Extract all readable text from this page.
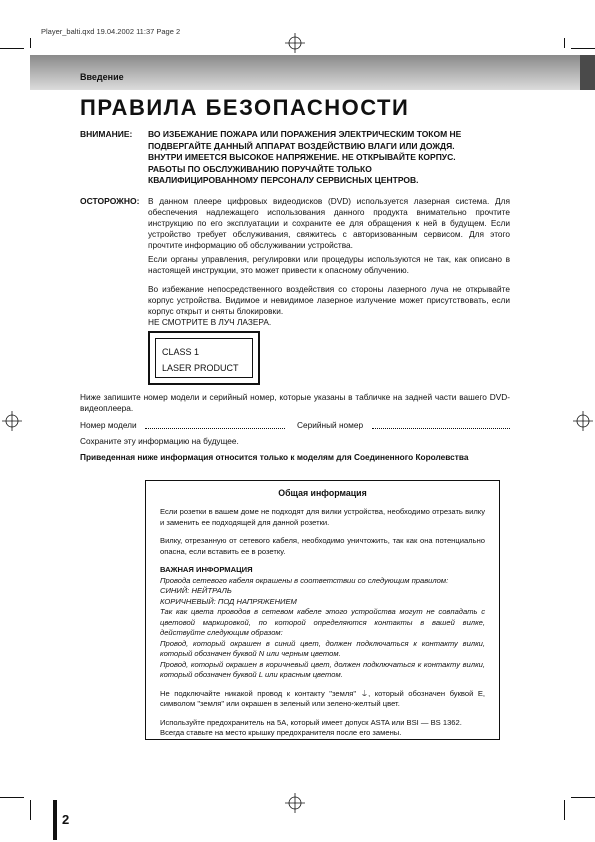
Player_balti.qxd 19.04.2002 11:37 Page 2
Введение
ПРАВИЛА БЕЗОПАСНОСТИ
ВНИМАНИЕ: ВО ИЗБЕЖАНИЕ ПОЖАРА ИЛИ ПОРАЖЕНИЯ ЭЛЕКТРИЧЕСКИМ ТОКОМ НЕ
ПОДВЕРГАЙТЕ ДАННЫЙ АППАРАТ ВОЗДЕЙСТВИЮ ВЛАГИ ИЛИ ДОЖДЯ.
ВНУТРИ ИМЕЕТСЯ ВЫСОКОЕ НАПРЯЖЕНИЕ. НЕ ОТКРЫВАЙТЕ КОРПУС.
РАБОТЫ ПО ОБСЛУЖИВАНИЮ ПОРУЧАЙТЕ ТОЛЬКО
КВАЛИФИЦИРОВАННОМУ ПЕРСОНАЛУ СЕРВИСНЫХ ЦЕНТРОВ.
ОСТОРОЖНО: В данном плеере цифровых видеодисков (DVD) используется лазерная система. Для обеспечения надлежащего использования данного продукта внимательно прочтите инструкцию по его эксплуатации и сохраните ее для обращения к ней в будущем. Если устройство требует обслуживания, свяжитесь с авторизованным сервисом. Для этого прочтите информацию об обслуживании устройства.
Если органы управления, регулировки или процедуры используются не так, как описано в настоящей инструкции, это может привести к опасному облучению.
Во избежание непосредственного воздействия со стороны лазерного луча не открывайте корпус устройства. Видимое и невидимое лазерное излучение может присутствовать, если корпус открыт и сняты блокировки.
НЕ СМОТРИТЕ В ЛУЧ ЛАЗЕРА.
CLASS 1
LASER PRODUCT
Ниже запишите номер модели и серийный номер, которые указаны в табличке на задней части вашего DVD-видеоплеера.
Номер модели	Серийный номер
Сохраните эту информацию на будущее.
Приведенная ниже информация относится только к моделям для Соединенного Королевства
Общая информация
Если розетки в вашем доме не подходят для вилки устройства, необходимо отрезать вилку и заменить ее подходящей для данной розетки.
Вилку, отрезанную от сетевого кабеля, необходимо уничтожить, так как она потенциально опасна, если вставить ее в розетку.
ВАЖНАЯ ИНФОРМАЦИЯ
Провода сетевого кабеля окрашены в соответствии со следующим правилом:
СИНИЙ: НЕЙТРАЛЬ
КОРИЧНЕВЫЙ: ПОД НАПРЯЖЕНИЕМ
Так как цвета проводов в сетевом кабеле этого устройства могут не совпадать с цветовой маркировкой, по которой определяются контакты в вашей вилке, действуйте следующим образом:
Провод, который окрашен в синий цвет, должен подключаться к контакту вилки, который обозначен буквой N или черным цветом.
Провод, который окрашен в коричневый цвет, должен подключаться к контакту вилки, который обозначен буквой L или красным цветом.
Не подключайте никакой провод к контакту "земля" ⏚, который обозначен буквой E, символом "земля" или окрашен в зеленый или зелено-желтый цвет.
Используйте предохранитель на 5А, который имеет допуск ASTA или BSI — BS 1362.
Всегда ставьте на место крышку предохранителя после его замены.
2
